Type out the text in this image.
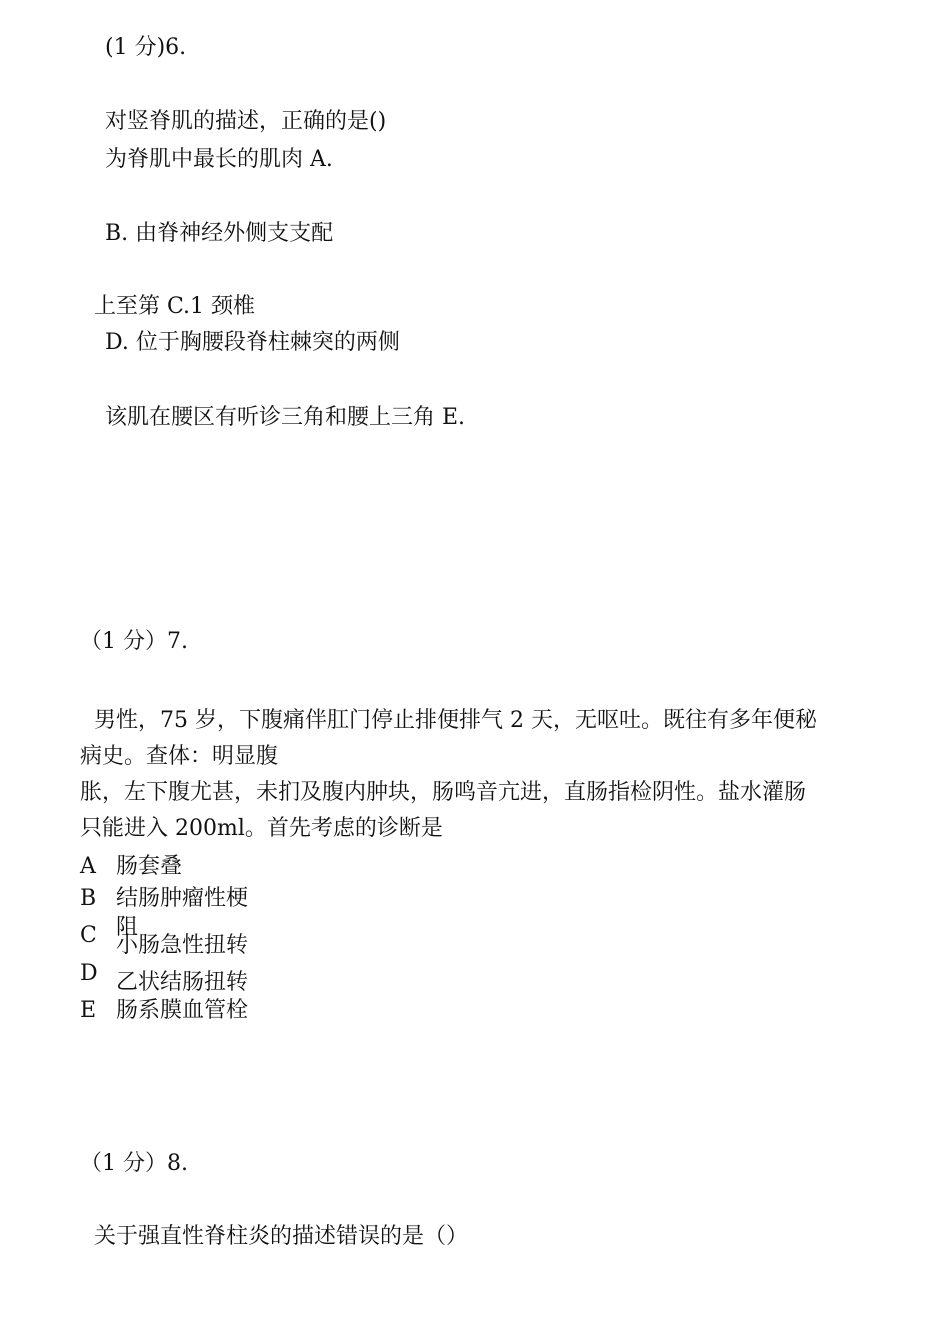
(1 分)6.
对竖脊肌的描述，正确的是()
为脊肌中最长的肌肉 A.
B. 由脊神经外侧支支配
上至第 C.1 颈椎
D. 位于胸腰段脊柱棘突的两侧
该肌在腰区有听诊三角和腰上三角 E.
（1 分）7.
男性，75 岁，下腹痛伴肛门停止排便排气 2 天，无呕吐。既往有多年便秘
病史。查体：明显腹
胀，左下腹尤甚，未扪及腹内肿块，肠鸣音亢进，直肠指检阴性。盐水灌肠
只能进入 200ml。首先考虑的诊断是
A 肠套叠
B 结肠肿瘤性梗
阻
C 小肠急性扭转
D 乙状结肠扭转
E 肠系膜血管栓
（1 分）8.
关于强直性脊柱炎的描述错误的是（）
